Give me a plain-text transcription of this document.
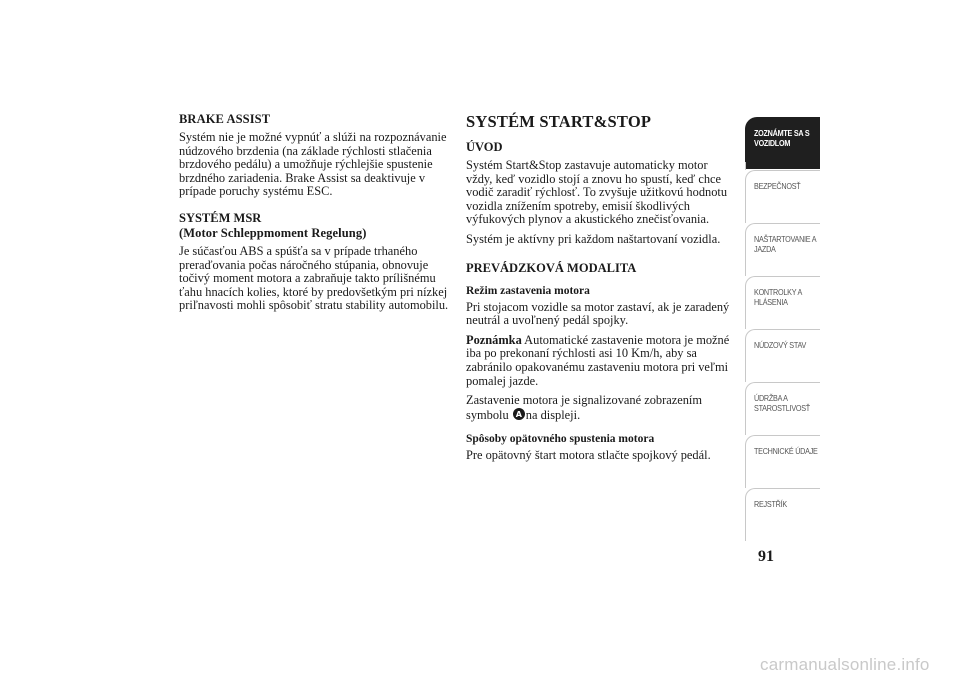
BRAKE ASSIST

Systém nie je možné vypnúť a slúži na rozpoznávanie núdzového brzdenia (na základe rýchlosti stlačenia brzdového pedálu) a umožňuje rýchlejšie spustenie brzdného zariadenia. Brake Assist sa deaktivuje v prípade poruchy systému ESC.

SYSTÉM MSR
(Motor Schleppmoment Regelung)

Je súčasťou ABS a spúšťa sa v prípade trhaného preraďovania počas náročného stúpania, obnovuje točivý moment motora a zabraňuje takto prílišnému ťahu hnacích kolies, ktoré by predovšetkým pri nízkej priľnavosti mohli spôsobiť stratu stability automobilu.

SYSTÉM START&STOP
ÚVOD

Systém Start&Stop zastavuje automaticky motor vždy, keď vozidlo stojí a znovu ho spustí, keď chce vodič zaradiť rýchlosť. To zvyšuje užitkovú hodnotu vozidla znížením spotreby, emisií škodlivých výfukových plynov a akustického znečisťovania.

Systém je aktívny pri každom naštartovaní vozidla.

PREVÁDZKOVÁ MODALITA
Režim zastavenia motora

Pri stojacom vozidle sa motor zastaví, ak je zaradený neutrál a uvoľnený pedál spojky.

Poznámka Automatické zastavenie motora je možné iba po prekonaní rýchlosti asi 10 Km/h, aby sa zabránilo opakovanému zastaveniu motora pri veľmi pomalej jazde.

Zastavenie motora je signalizované zobrazením symbolu A na displeji.

Spôsoby opätovného spustenia motora

Pre opätovný štart motora stlačte spojkový pedál.

ZOZNÁMTE SA S VOZIDLOM
BEZPEČNOSŤ
NAŠTARTOVANIE A JAZDA
KONTROLKY A HLÁSENIA
NÚDZOVÝ STAV
ÚDRŽBA A STAROSTLIVOSŤ
TECHNICKÉ ÚDAJE
REJSTŘÍK
91
carmanualsonline.info
